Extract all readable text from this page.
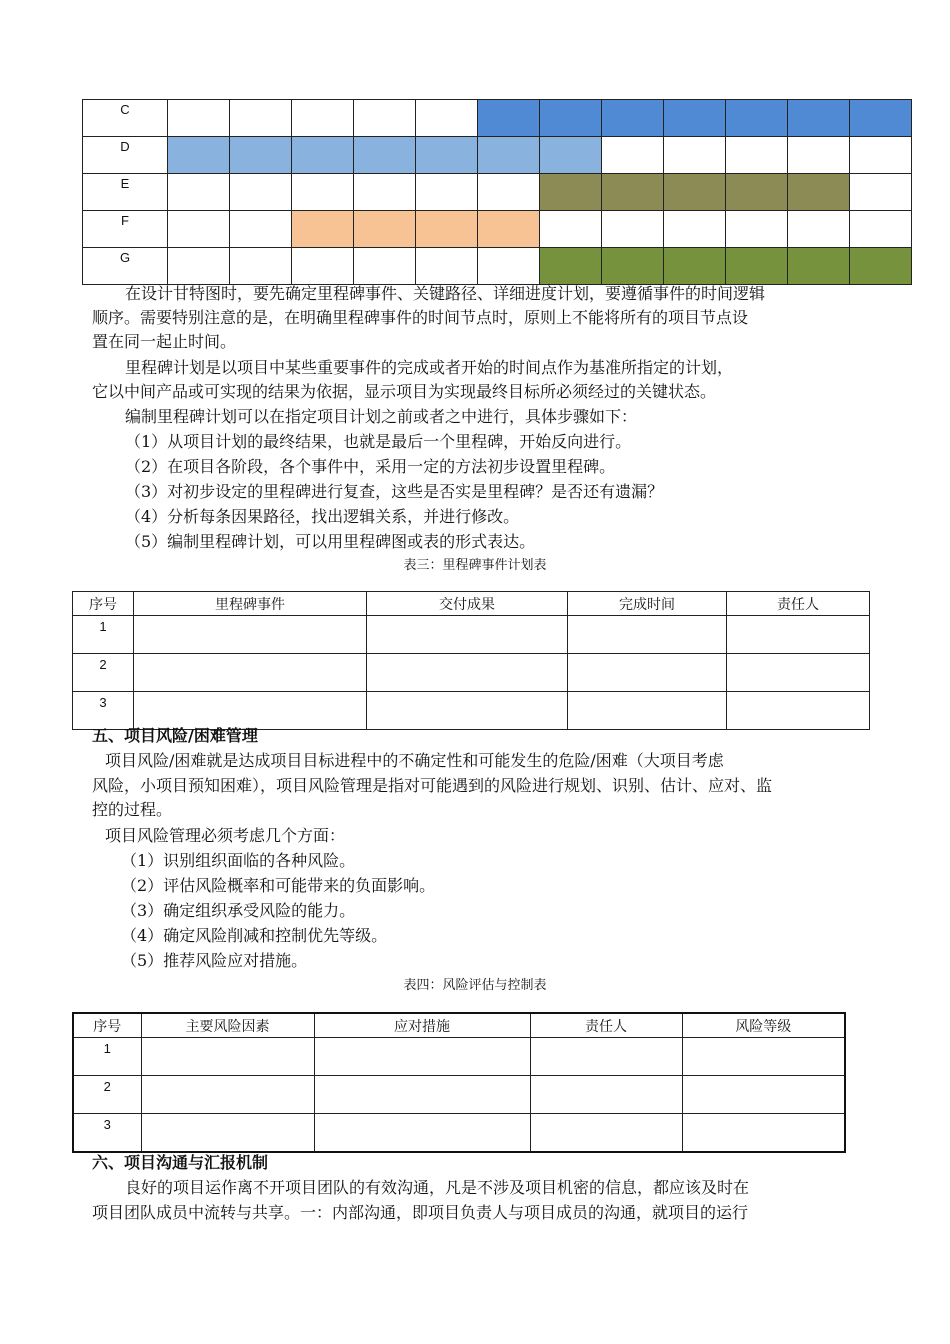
C												
D												
E												
F												
G												
在设计甘特图时，要先确定里程碑事件、关键路径、详细进度计划，要遵循事件的时间逻辑
顺序。需要特别注意的是，在明确里程碑事件的时间节点时，原则上不能将所有的项目节点设
置在同一起止时间。
里程碑计划是以项目中某些重要事件的完成或者开始的时间点作为基准所指定的计划，
它以中间产品或可实现的结果为依据，显示项目为实现最终目标所必须经过的关键状态。
编制里程碑计划可以在指定项目计划之前或者之中进行，具体步骤如下：
（1）从项目计划的最终结果，也就是最后一个里程碑，开始反向进行。
（2）在项目各阶段，各个事件中，采用一定的方法初步设置里程碑。
（3）对初步设定的里程碑进行复查，这些是否实是里程碑？是否还有遗漏？
（4）分析每条因果路径，找出逻辑关系，并进行修改。
（5）编制里程碑计划，可以用里程碑图或表的形式表达。
表三：里程碑事件计划表
序号	里程碑事件	交付成果	完成时间	责任人
1				
2				
3				
五、项目风险/困难管理
项目风险/困难就是达成项目目标进程中的不确定性和可能发生的危险/困难（大项目考虑
风险，小项目预知困难），项目风险管理是指对可能遇到的风险进行规划、识别、估计、应对、监
控的过程。
项目风险管理必须考虑几个方面：
（1）识别组织面临的各种风险。
（2）评估风险概率和可能带来的负面影响。
（3）确定组织承受风险的能力。
（4）确定风险削减和控制优先等级。
（5）推荐风险应对措施。
表四：风险评估与控制表
序号	主要风险因素	应对措施	责任人	风险等级
1				
2				
3				
六、项目沟通与汇报机制
良好的项目运作离不开项目团队的有效沟通，凡是不涉及项目机密的信息，都应该及时在
项目团队成员中流转与共享。一：内部沟通，即项目负责人与项目成员的沟通，就项目的运行
